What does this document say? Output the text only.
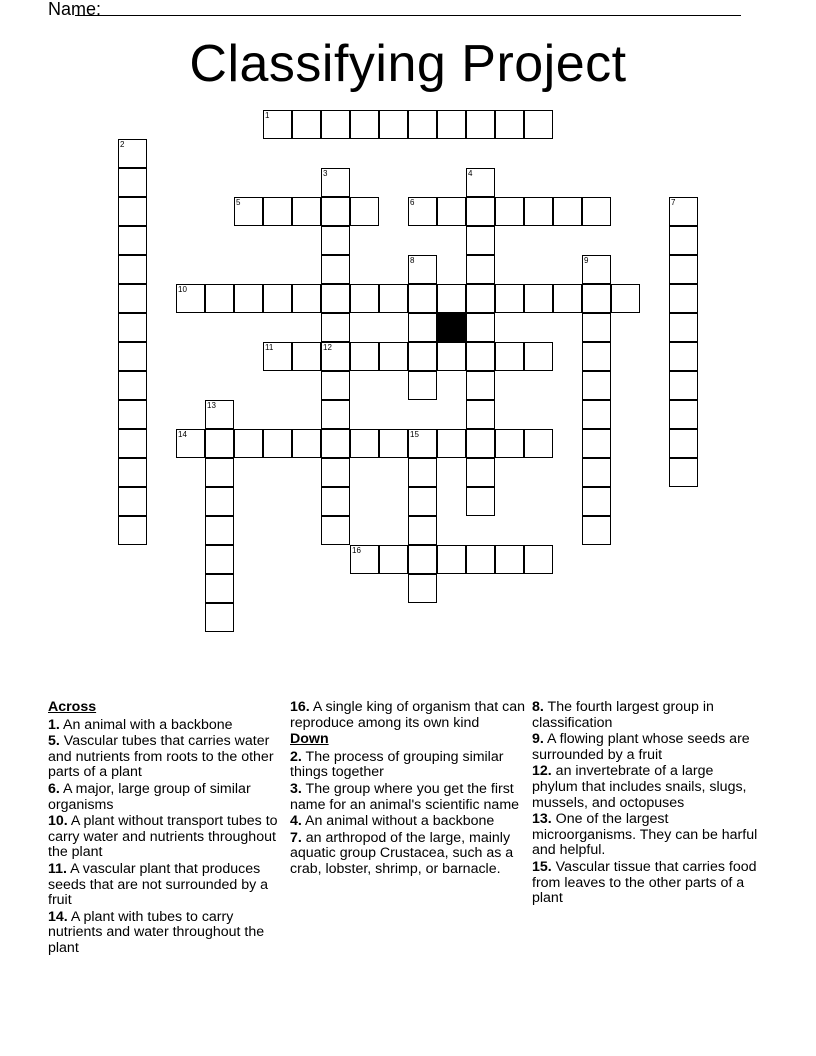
Name:
Classifying Project
1
2
3
12
4
5	6	7
8	9
10
11
13
14	15
16
Across
1. An animal with a backbone
5. Vascular tubes that carries water and nutrients from roots to the other parts of a plant
6. A major, large group of similar organisms
10. A plant without transport tubes to carry water and nutrients throughout the plant
11. A vascular plant that produces seeds that are not surrounded by a fruit
14. A plant with tubes to carry nutrients and water throughout the plant
16. A single king of organism that can reproduce among its own kind
Down
2. The process of grouping similar things together
3. The group where you get the first name for an animal's scientific name
4. An animal without a backbone
7. an arthropod of the large, mainly aquatic group Crustacea, such as a crab, lobster, shrimp, or barnacle.
8. The fourth largest group in classification
9. A flowing plant whose seeds are surrounded by a fruit
12. an invertebrate of a large phylum that includes snails, slugs, mussels, and octopuses
13. One of the largest microorganisms. They can be harful and helpful.
15. Vascular tissue that carries food from leaves to the other parts of a plant
